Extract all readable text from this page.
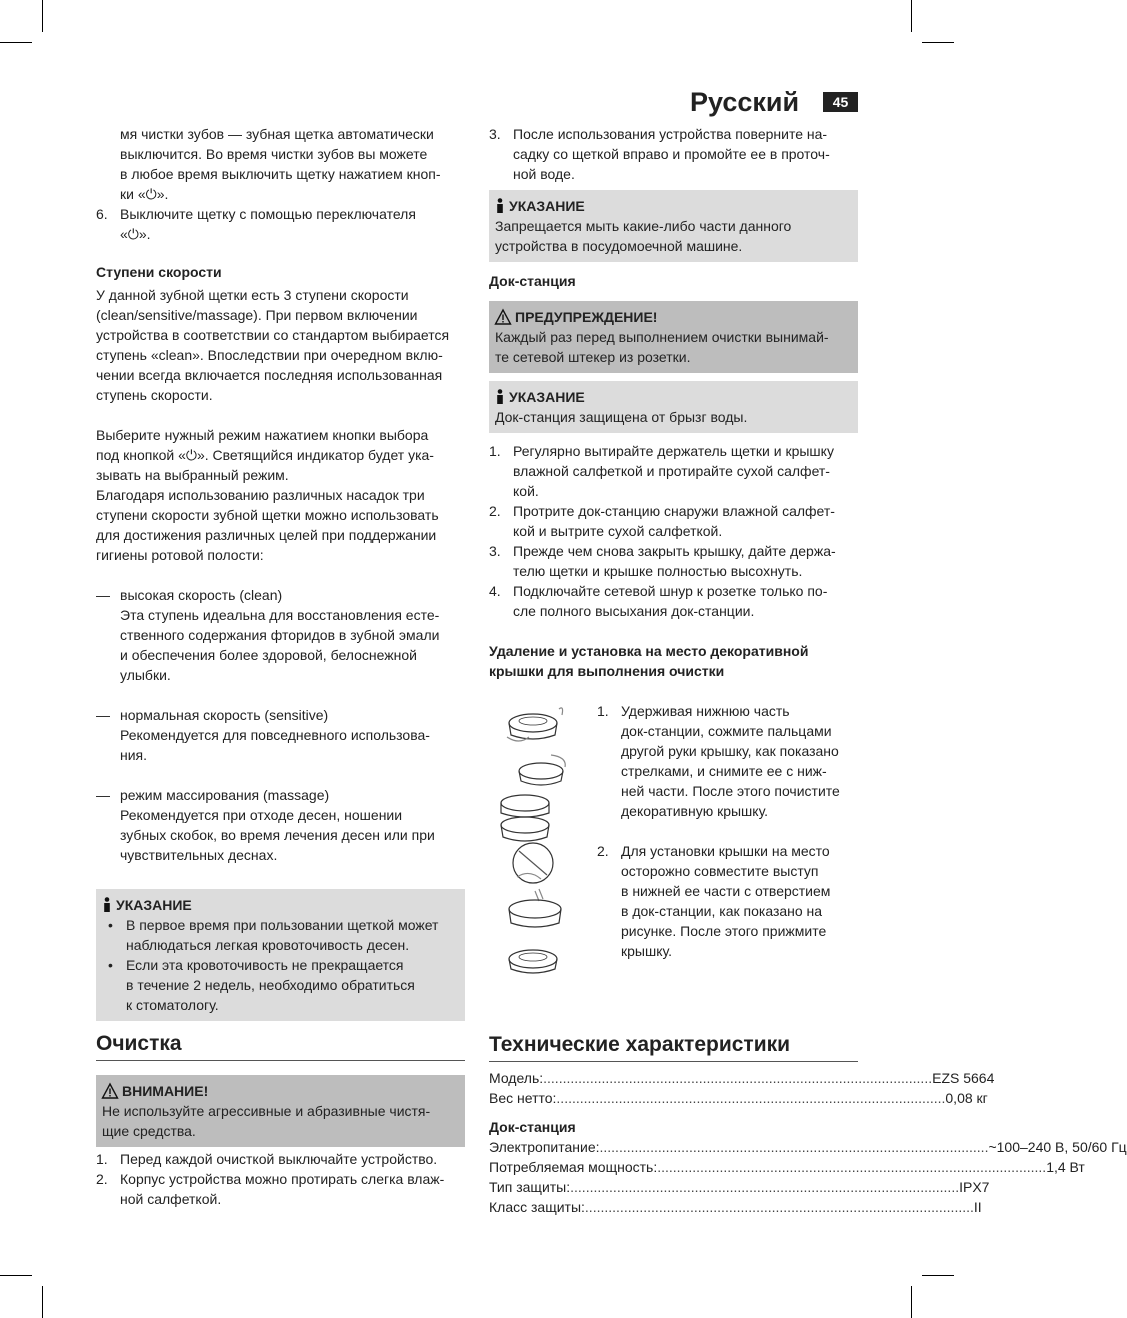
Русский	45

мя чистки зубов — зубная щетка автоматически

выключится. Во время чистки зубов вы можете

в любое время выключить щетку нажатием кноп-

ки «⏻».

6. Выключите щетку с помощью переключателя

«⏻».

Ступени скорости

У данной зубной щетки есть 3 ступени скорости

(clean/sensitive/massage). При первом включении

устройства в соответствии со стандартом выбирается

ступень «clean». Впоследствии при очередном вклю-

чении всегда включается последняя использованная

ступень скорости.

Выберите нужный режим нажатием кнопки выбора

под кнопкой «⏻». Светящийся индикатор будет ука-

зывать на выбранный режим.

Благодаря использованию различных насадок три

ступени скорости зубной щетки можно использовать

для достижения различных целей при поддержании

гигиены ротовой полости:

— высокая скорость (clean)

Эта ступень идеальна для восстановления есте-

ственного содержания фторидов в зубной эмали

и обеспечения более здоровой, белоснежной

улыбки.

— нормальная скорость (sensitive)

Рекомендуется для повседневного использова-

ния.

— режим массирования (massage)

Рекомендуется при отходе десен, ношении

зубных скобок, во время лечения десен или при

чувствительных деснах.

УКАЗАНИЕ
• В первое время при пользовании щеткой может

наблюдаться легкая кровоточивость десен.

• Если эта кровоточивость не прекращается

в течение 2 недель, необходимо обратиться

к стоматологу.

Очистка
ВНИМАНИЕ!

Не используйте агрессивные и абразивные чистя-

щие средства.

1. Перед каждой очисткой выключайте устройство.

2. Корпус устройства можно протирать слегка влаж-

ной салфеткой.

3. После использования устройства поверните на-

садку со щеткой вправо и промойте ее в проточ-

ной воде.

УКАЗАНИЕ

Запрещается мыть какие-либо части данного

устройства в посудомоечной машине.

Док-станция

ПРЕДУПРЕЖДЕНИЕ!

Каждый раз перед выполнением очистки вынимай-

те сетевой штекер из розетки.

УКАЗАНИЕ

Док-станция защищена от брызг воды.

1. Регулярно вытирайте держатель щетки и крышку

влажной салфеткой и протирайте сухой салфет-

кой.

2. Протрите док-станцию снаружи влажной салфет-

кой и вытрите сухой салфеткой.

3. Прежде чем снова закрыть крышку, дайте держа-

телю щетки и крышке полностью высохнуть.

4. Подключайте сетевой шнур к розетке только по-

сле полного высыхания док-станции.

Удаление и установка на место декоративной

крышки для выполнения очистки

1. Удерживая нижнюю часть

док-станции, сожмите пальцами

другой руки крышку, как показано

стрелками, и снимите ее с ниж-

ней части. После этого почистите

декоративную крышку.

2. Для установки крышки на место

осторожно совместите выступ

в нижней ее части с отверстием

в док-станции, как показано на

рисунке. После этого прижмите

крышку.

Технические характеристики
Модель: .................................................................................................... EZS 5664
Вес нетто: .................................................................................................... 0,08 кг

Док-станция

Электропитание: .................................................................................................... ~100–240 В, 50/60 Гц
Потребляемая мощность: .................................................................................................... 1,4 Вт
Тип защиты: .................................................................................................... IPX7
Класс защиты: .................................................................................................... II
